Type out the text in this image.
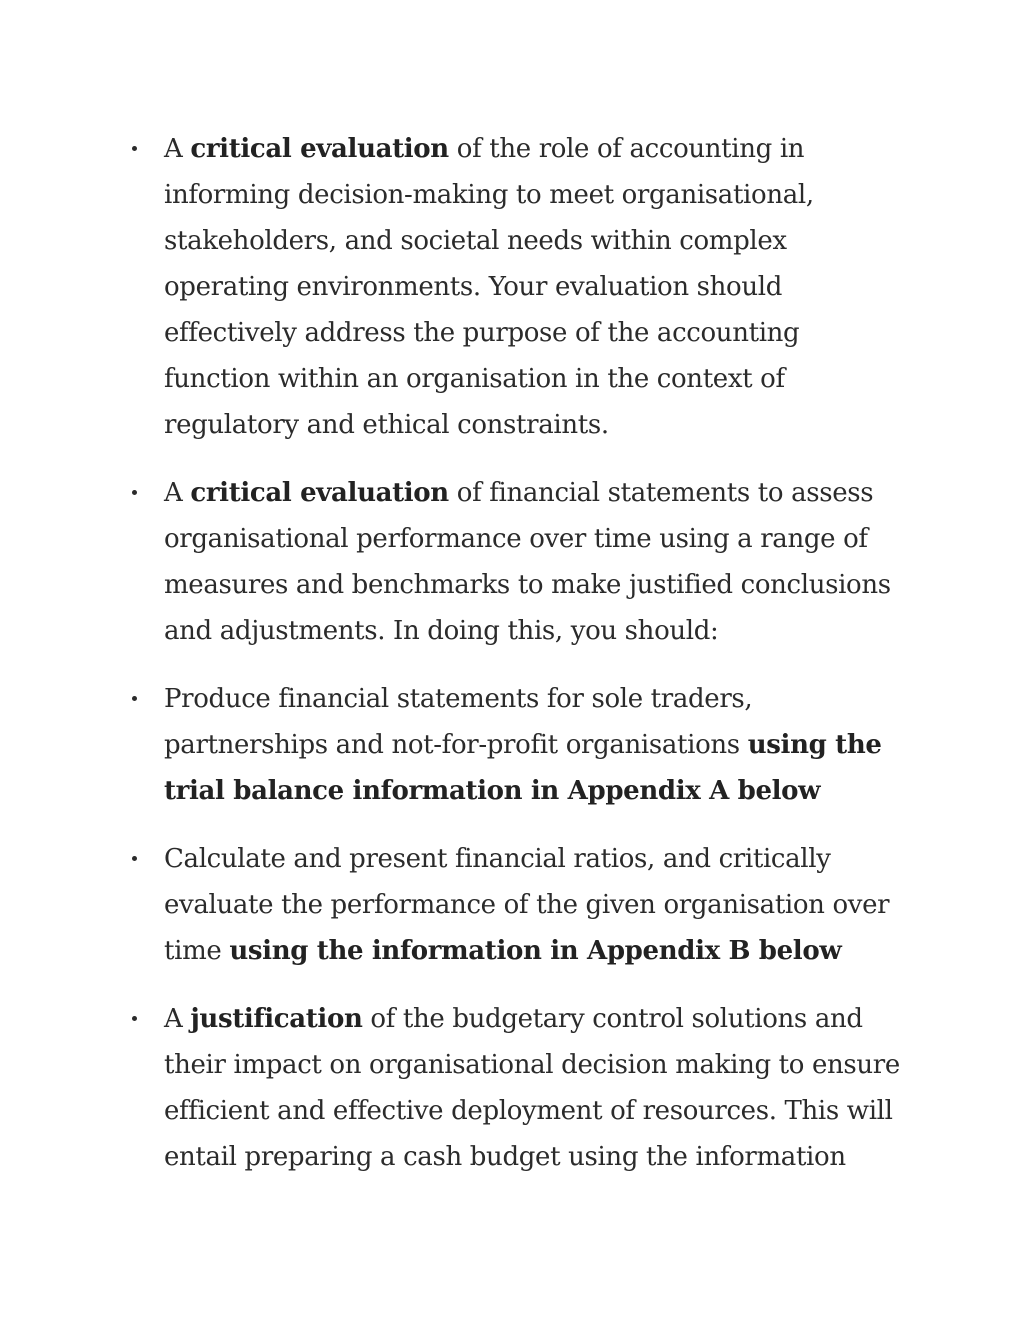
A critical evaluation of the role of accounting in informing decision-making to meet organisational, stakeholders, and societal needs within complex operating environments. Your evaluation should effectively address the purpose of the accounting function within an organisation in the context of regulatory and ethical constraints.
A critical evaluation of financial statements to assess organisational performance over time using a range of measures and benchmarks to make justified conclusions and adjustments. In doing this, you should:
Produce financial statements for sole traders, partnerships and not-for-profit organisations using the trial balance information in Appendix A below
Calculate and present financial ratios, and critically evaluate the performance of the given organisation over time using the information in Appendix B below
A justification of the budgetary control solutions and their impact on organisational decision making to ensure efficient and effective deployment of resources. This will entail preparing a cash budget using the information
